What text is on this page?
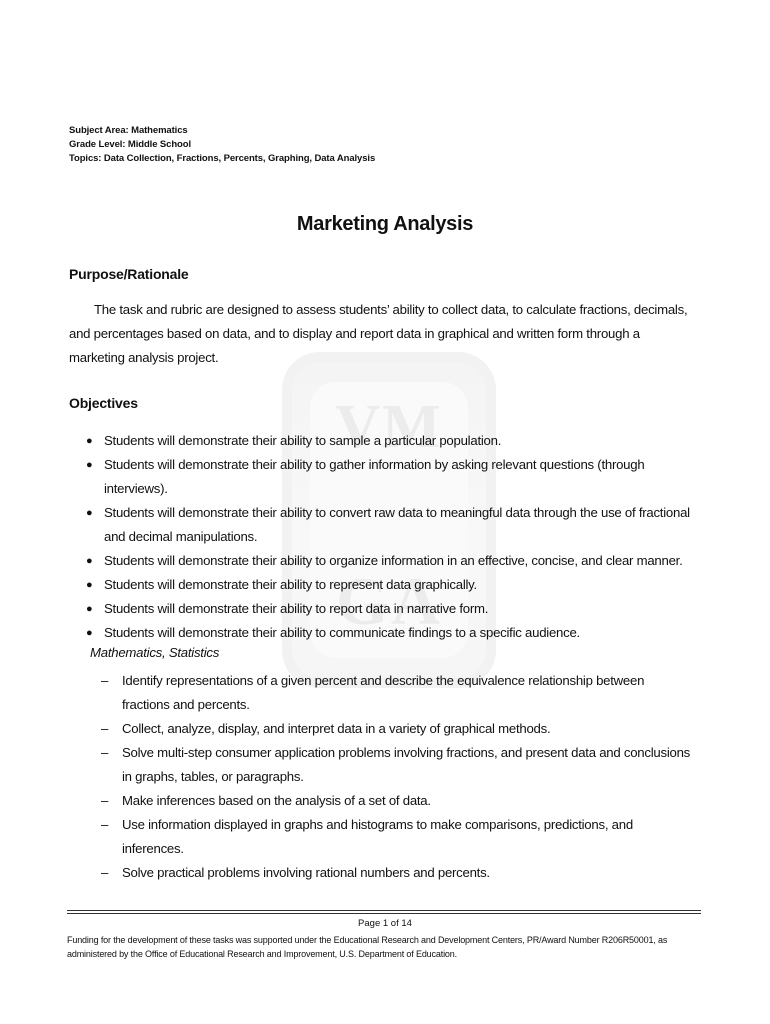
VM
GA
Subject Area: Mathematics
Grade Level: Middle School
Topics: Data Collection, Fractions, Percents, Graphing, Data Analysis
Marketing Analysis
Purpose/Rationale
The task and rubric are designed to assess students’ ability to collect data, to calculate fractions, decimals, and percentages based on data, and to display and report data in graphical and written form through a marketing analysis project.
Objectives
● Students will demonstrate their ability to sample a particular population.
● Students will demonstrate their ability to gather information by asking relevant questions (through interviews).
● Students will demonstrate their ability to convert raw data to meaningful data through the use of fractional and decimal manipulations.
● Students will demonstrate their ability to organize information in an effective, concise, and clear manner.
● Students will demonstrate their ability to represent data graphically.
● Students will demonstrate their ability to report data in narrative form.
● Students will demonstrate their ability to communicate findings to a specific audience.
Mathematics, Statistics
– Identify representations of a given percent and describe the equivalence relationship between fractions and percents.
– Collect, analyze, display, and interpret data in a variety of graphical methods.
– Solve multi-step consumer application problems involving fractions, and present data and conclusions in graphs, tables, or paragraphs.
– Make inferences based on the analysis of a set of data.
– Use information displayed in graphs and histograms to make comparisons, predictions, and inferences.
– Solve practical problems involving rational numbers and percents.
Page 1 of 14
Funding for the development of these tasks was supported under the Educational Research and Development Centers, PR/Award Number R206R50001, as administered by the Office of Educational Research and Improvement, U.S. Department of Education.
